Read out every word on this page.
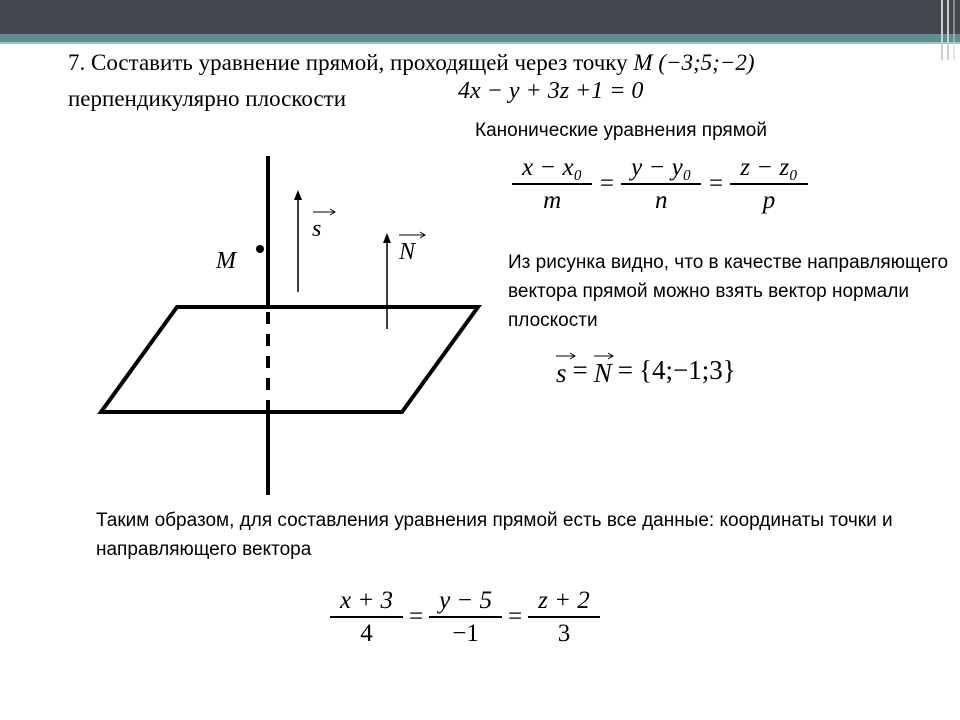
7. Составить уравнение прямой, проходящей через точку M (−3;5;−2)
перпендикулярно плоскости	4x − y + 3z +1 = 0
Канонические уравнения прямой
$\frac{\text{x − x₀}}{m} = \frac{\text{y − y₀}}{n} = \frac{\text{z − z₀}}{p}$
Из рисунка видно, что в качестве направляющего вектора прямой можно взять вектор нормали плоскости
s = N = {4;−1;3}
M
s
N
Таким образом, для составления уравнения прямой есть все данные: координаты точки и направляющего вектора
$\frac{x + 3}{4} = \frac{y - 5}{-1} = \frac{z + 2}{3}$
